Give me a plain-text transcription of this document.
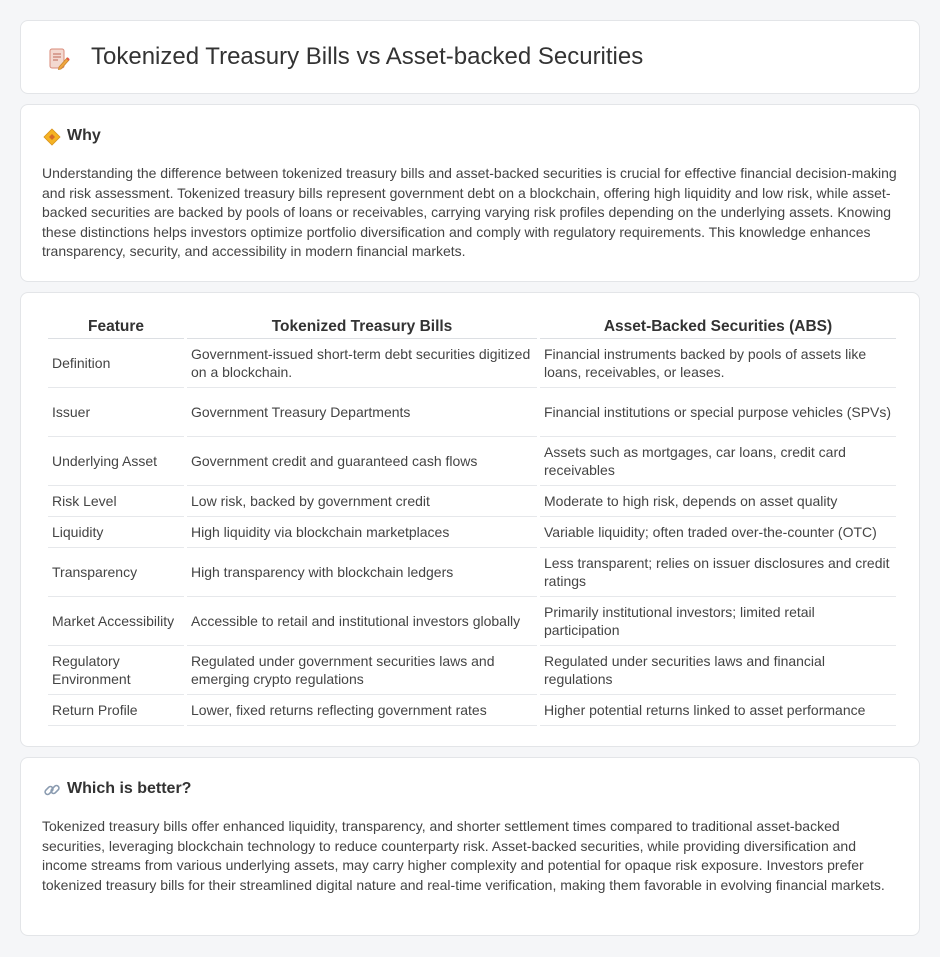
Tokenized Treasury Bills vs Asset-backed Securities
Why
Understanding the difference between tokenized treasury bills and asset-backed securities is crucial for effective financial decision-making and risk assessment. Tokenized treasury bills represent government debt on a blockchain, offering high liquidity and low risk, while asset-backed securities are backed by pools of loans or receivables, carrying varying risk profiles depending on the underlying assets. Knowing these distinctions helps investors optimize portfolio diversification and comply with regulatory requirements. This knowledge enhances transparency, security, and accessibility in modern financial markets.
Feature	Tokenized Treasury Bills	Asset-Backed Securities (ABS)
Definition	Government-issued short-term debt securities digitized on a blockchain.	Financial instruments backed by pools of assets like loans, receivables, or leases.
Issuer	Government Treasury Departments	Financial institutions or special purpose vehicles (SPVs)
Underlying Asset	Government credit and guaranteed cash flows	Assets such as mortgages, car loans, credit card receivables
Risk Level	Low risk, backed by government credit	Moderate to high risk, depends on asset quality
Liquidity	High liquidity via blockchain marketplaces	Variable liquidity; often traded over-the-counter (OTC)
Transparency	High transparency with blockchain ledgers	Less transparent; relies on issuer disclosures and credit ratings
Market Accessibility	Accessible to retail and institutional investors globally	Primarily institutional investors; limited retail participation
Regulatory Environment	Regulated under government securities laws and emerging crypto regulations	Regulated under securities laws and financial regulations
Return Profile	Lower, fixed returns reflecting government rates	Higher potential returns linked to asset performance
Which is better?
Tokenized treasury bills offer enhanced liquidity, transparency, and shorter settlement times compared to traditional asset-backed securities, leveraging blockchain technology to reduce counterparty risk. Asset-backed securities, while providing diversification and income streams from various underlying assets, may carry higher complexity and potential for opaque risk exposure. Investors prefer tokenized treasury bills for their streamlined digital nature and real-time verification, making them favorable in evolving financial markets.
